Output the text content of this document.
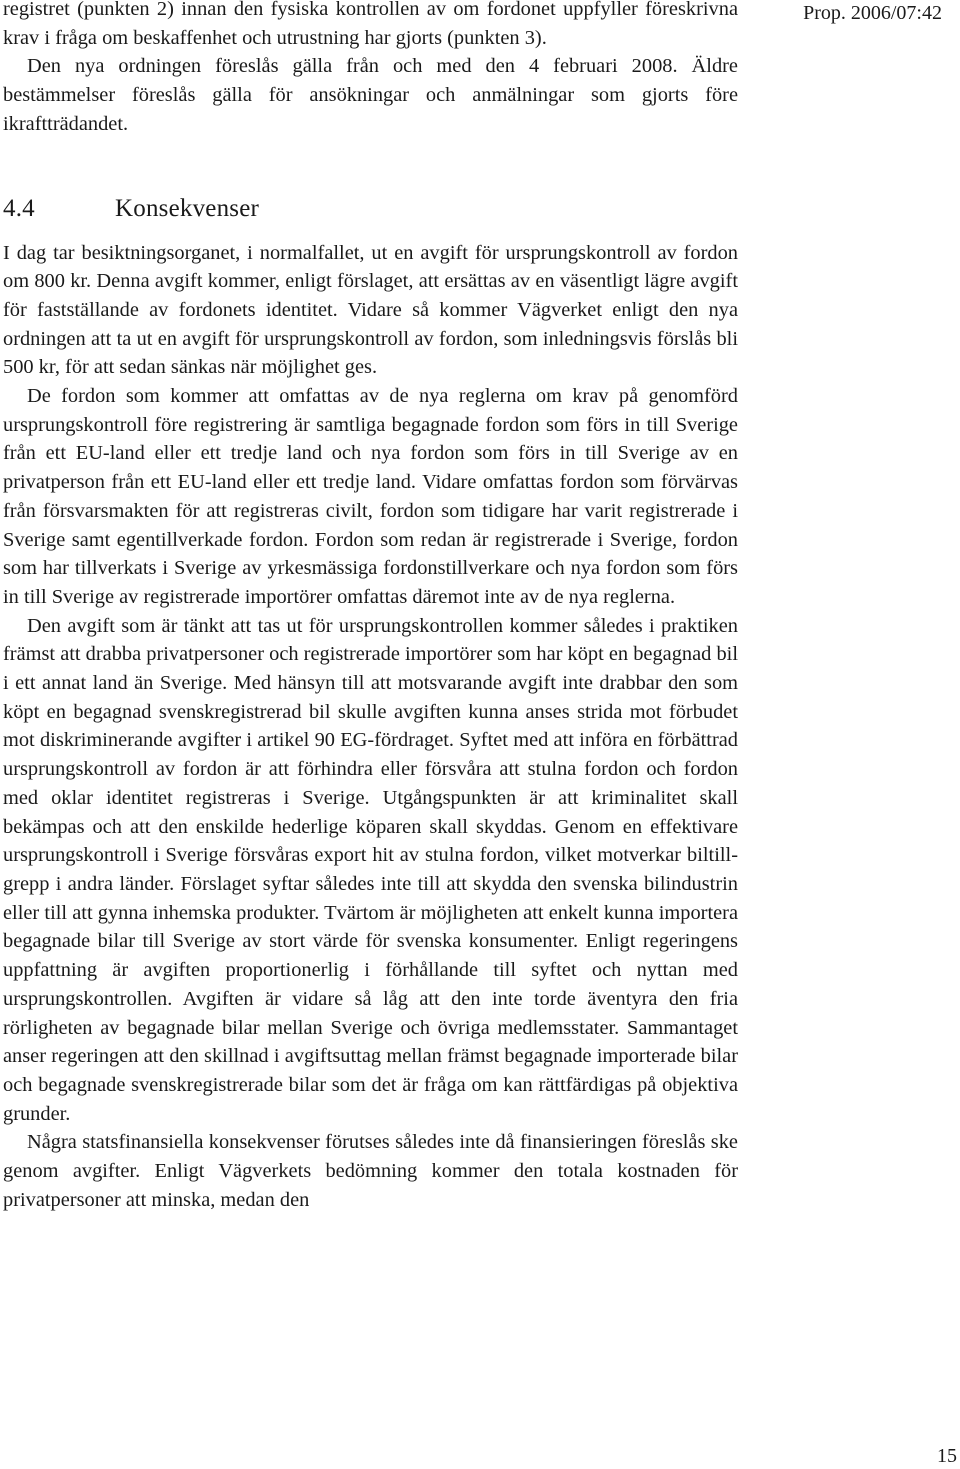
Prop. 2006/07:42

registret (punkten 2) innan den fysiska kontrollen av om fordonet uppfyller föreskrivna krav i fråga om beskaffenhet och utrustning har gjorts (punkten 3).

Den nya ordningen föreslås gälla från och med den 4 februari 2008. Äldre bestämmelser föreslås gälla för ansökningar och anmälningar som gjorts före ikraftträdandet.

4.4	Konsekvenser

I dag tar besiktningsorganet, i normalfallet, ut en avgift för ursprungskontroll av fordon om 800 kr. Denna avgift kommer, enligt förslaget, att ersättas av en väsentligt lägre avgift för fastställande av fordonets identitet. Vidare så kommer Vägverket enligt den nya ordningen att ta ut en avgift för ursprungskontroll av fordon, som inledningsvis förslås bli 500 kr, för att sedan sänkas när möjlighet ges.

De fordon som kommer att omfattas av de nya reglerna om krav på genomförd ursprungskontroll före registrering är samtliga begagnade fordon som förs in till Sverige från ett EU-land eller ett tredje land och nya fordon som förs in till Sverige av en privatperson från ett EU-land eller ett tredje land. Vidare omfattas fordon som förvärvas från försvarsmakten för att registreras civilt, fordon som tidigare har varit registrerade i Sverige samt egentillverkade fordon. Fordon som redan är registrerade i Sverige, fordon som har tillverkats i Sverige av yrkesmässiga fordonstillverkare och nya fordon som förs in till Sverige av registrerade importörer omfattas däremot inte av de nya reglerna.

Den avgift som är tänkt att tas ut för ursprungskontrollen kommer således i praktiken främst att drabba privatpersoner och registrerade importörer som har köpt en begagnad bil i ett annat land än Sverige. Med hänsyn till att motsvarande avgift inte drabbar den som köpt en begagnad svenskregistrerad bil skulle avgiften kunna anses strida mot förbudet mot diskriminerande avgifter i artikel 90 EG-fördraget. Syftet med att införa en förbättrad ursprungskontroll av fordon är att förhindra eller försvåra att stulna fordon och fordon med oklar identitet registreras i Sverige. Utgångspunkten är att kriminalitet skall bekämpas och att den enskilde hederlige köparen skall skyddas. Genom en effektivare ursprungskontroll i Sverige försvåras export hit av stulna fordon, vilket motverkar biltillgrepp i andra länder. Förslaget syftar således inte till att skydda den svenska bilindustrin eller till att gynna inhemska produkter. Tvärtom är möjligheten att enkelt kunna importera begagnade bilar till Sverige av stort värde för svenska konsumenter. Enligt regeringens uppfattning är avgiften proportionerlig i förhållande till syftet och nyttan med ursprungskontrollen. Avgiften är vidare så låg att den inte torde äventyra den fria rörligheten av begagnade bilar mellan Sverige och övriga medlemsstater. Sammantaget anser regeringen att den skillnad i avgiftsuttag mellan främst begagnade importerade bilar och begagnade svenskregistrerade bilar som det är fråga om kan rättfärdigas på objektiva grunder.

Några statsfinansiella konsekvenser förutses således inte då finansieringen föreslås ske genom avgifter. Enligt Vägverkets bedömning kommer den totala kostnaden för privatpersoner att minska, medan den

15
